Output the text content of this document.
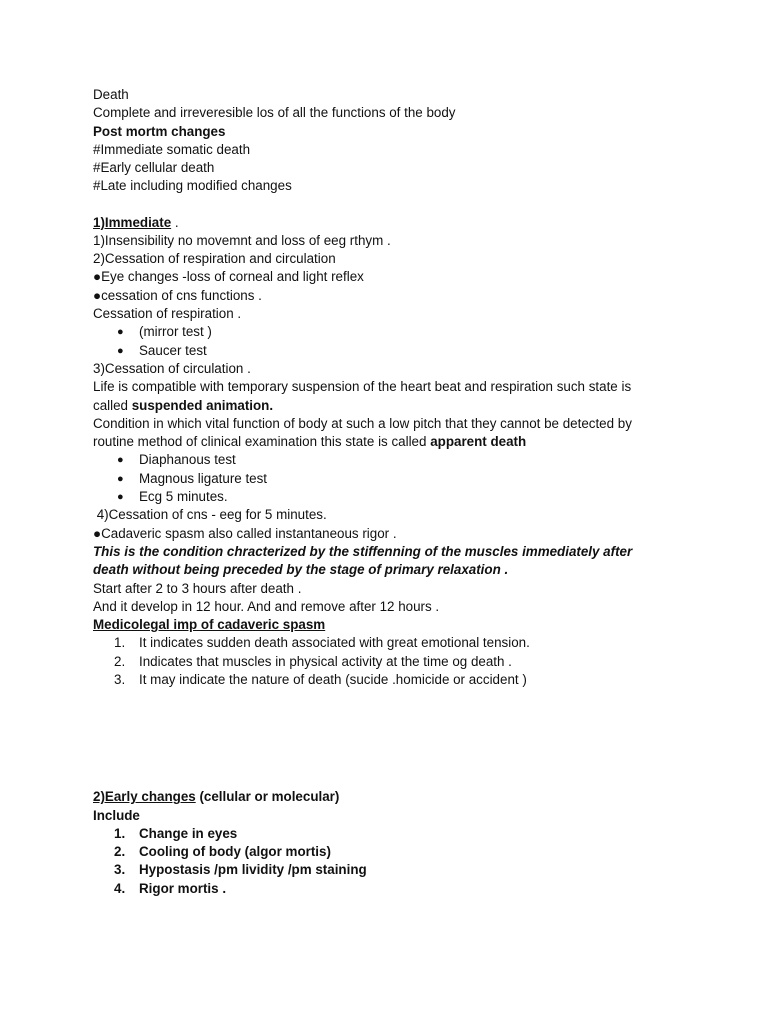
Death
Complete and irreveresible los of all the functions of the body
Post mortm changes
#Immediate somatic death
#Early cellular death
#Late including modified changes
1)Immediate .
1)Insensibility no movemnt and loss of eeg rthym .
2)Cessation of respiration and circulation
●Eye changes -loss of corneal and light reflex
●cessation of cns functions .
Cessation of respiration .
●	(mirror test )
●	Saucer test
3)Cessation of circulation .
Life is compatible with temporary suspension of the heart beat and respiration such state is
called suspended animation.
Condition in which vital function of body at such a low pitch that they cannot be detected by
routine method of clinical examination this state is called apparent death
●	Diaphanous test
●	Magnous ligature test
●	Ecg 5 minutes.
4)Cessation of cns - eeg for 5 minutes.
●Cadaveric spasm also called instantaneous rigor .
This is the condition chracterized by the stiffenning of the muscles immediately after
death without being preceded by the stage of primary relaxation .
Start after 2 to 3 hours after death .
And it develop in 12 hour. And and remove after 12 hours .
Medicolegal imp of cadaveric spasm
1.	It indicates sudden death associated with great emotional tension.
2.	Indicates that muscles in physical activity at the time og death .
3.	It may indicate the nature of death (sucide .homicide or accident )
2)Early changes (cellular or molecular)
Include
1.	Change in eyes
2.	Cooling of body (algor mortis)
3.	Hypostasis /pm lividity /pm staining
4.	Rigor mortis .
